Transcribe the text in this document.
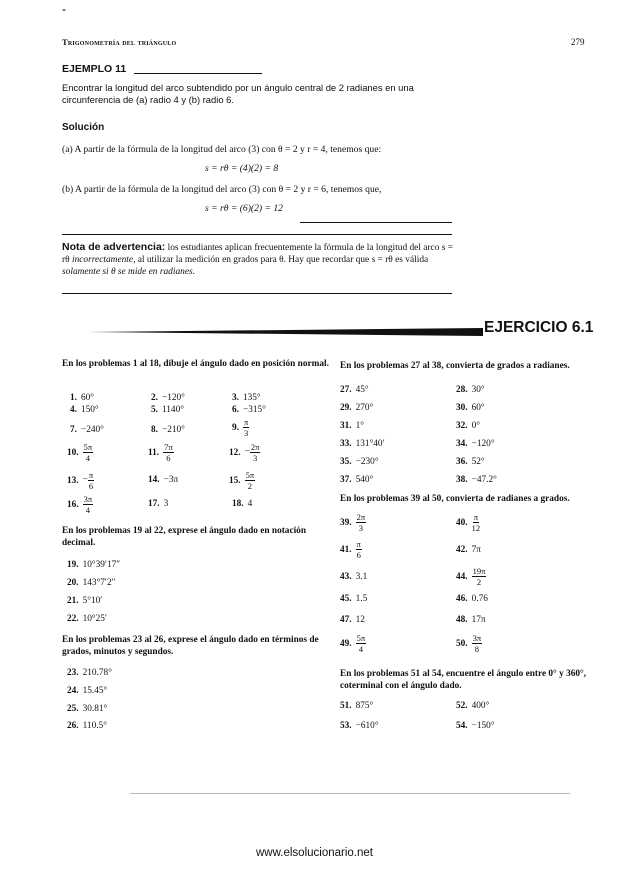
-
Trigonometría del triángulo	279
EJEMPLO 11
Encontrar la longitud del arco subtendido por un ángulo central de 2 radianes en una circunferencia de (a) radio 4 y (b) radio 6.
Solución
(a) A partir de la fórmula de la longitud del arco (3) con θ = 2 y r = 4, tenemos que:
s = rθ = (4)(2) = 8
(b) A partir de la fórmula de la longitud del arco (3) con θ = 2 y r = 6, tenemos que,
s = rθ = (6)(2) = 12
Nota de advertencia: los estudiantes aplican frecuentemente la fórmula de la longitud del arco s = rθ incorrectamente, al utilizar la medición en grados para θ. Hay que recordar que s = rθ es válida solamente si θ se mide en radianes.
EJERCICIO 6.1
En los problemas 1 al 18, dibuje el ángulo dado en posición normal.
1. 60°	2. −120°	3. 135°
4. 150°	5. 1140°	6. −315°
7. −240°	8. −210°	9. $\frac{\pi}{3}$
10. $\frac{5\pi}{4}$	11. $\frac{7\pi}{6}$	12. − $\frac{2\pi}{3}$
13. − $\frac{\pi}{6}$	14. −3π	15. $\frac{5\pi}{2}$
16. $\frac{3\pi}{4}$	17. 3	18. 4
En los problemas 19 al 22, exprese el ángulo dado en notación decimal.
19. 10°39′17″
20. 143°7′2″
21. 5°10′
22. 10°25′
En los problemas 23 al 26, exprese el ángulo dado en términos de grados, minutos y segundos.
23. 210.78°
24. 15.45°
25. 30.81°
26. 110.5°
En los problemas 27 al 38, convierta de grados a radianes.
27. 45°	28. 30°
29. 270°	30. 60°
31. 1°	32. 0°
33. 131°40′	34. −120°
35. −230°	36. 52°
37. 540°	38. −47.2°
En los problemas 39 al 50, convierta de radianes a grados.
39. $\frac{2\pi}{3}$	40. $\frac{\pi}{12}$
41. $\frac{\pi}{6}$	42. 7π
43. 3.1	44. $\frac{19\pi}{2}$
45. 1.5	46. 0.76
47. 12	48. 17π
49. $\frac{5\pi}{4}$	50. $\frac{3\pi}{8}$
En los problemas 51 al 54, encuentre el ángulo entre 0° y 360°, coterminal con el ángulo dado.
51. 875°	52. 400°
53. −610°	54. −150°
www.elsolucionario.net
